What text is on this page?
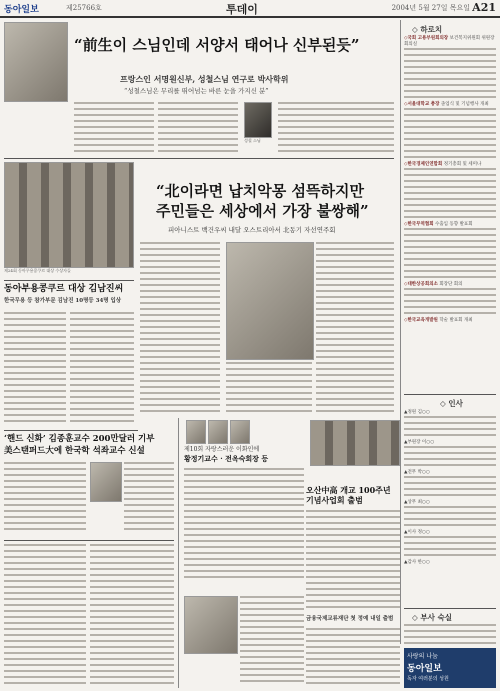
동아일보	제25766호	투데이	2004년 5월 27일 목요일 A21
“前生이 스님인데 서양서 태어나 신부된듯”
프랑스인 서명원신부, 성철스님 연구로 박사학위
“성철스님은 무리를 뛰어넘는 바른 눈을 가지신 분”
성철 스님
“北이라면 납치악몽 섬뜩하지만
주민들은 세상에서 가장 불쌍해”
피아니스트 백건우씨 내달 오스트리아서 北동기 자선연주회
제24회 동아무용콩쿠르 대상 수상자들
동아부용콩쿠르 대상 김남진씨
한국무용 등 참가부문 김남진 10명등 34명 입상
‘핸드 신화’ 김종훈교수 200만달러 기부
美스탠퍼드大에 한국학 석좌교수 신설	제10회 자랑스러운 이화인에
황정기교수 · 전옥숙회장 등
오산中高 개교 100주년 기념사업회 출범
금융국제교류재단 첫 정예 내일 출범
◇ 하로치
◇국회 고용부원회의장 보건복지위원회 위원장 회의실
◇서울대학교 총장 졸업식 및 기념행사 개최
◇한국경제인연합회 정기총회 및 세미나
◇한국무역협회 수출입 동향 발표회
◇대한상공회의소 회장단 회의
◇한국교육개발원 학술 발표회 개최
◇ 인사
▲정원 김○○
▲부원장 이○○
▲전무 박○○
▲상무 최○○
▲이사 정○○
▲감사 한○○
◇ 부사 숙실
사랑의 나눔
동아일보
독자 여러분의 성원
